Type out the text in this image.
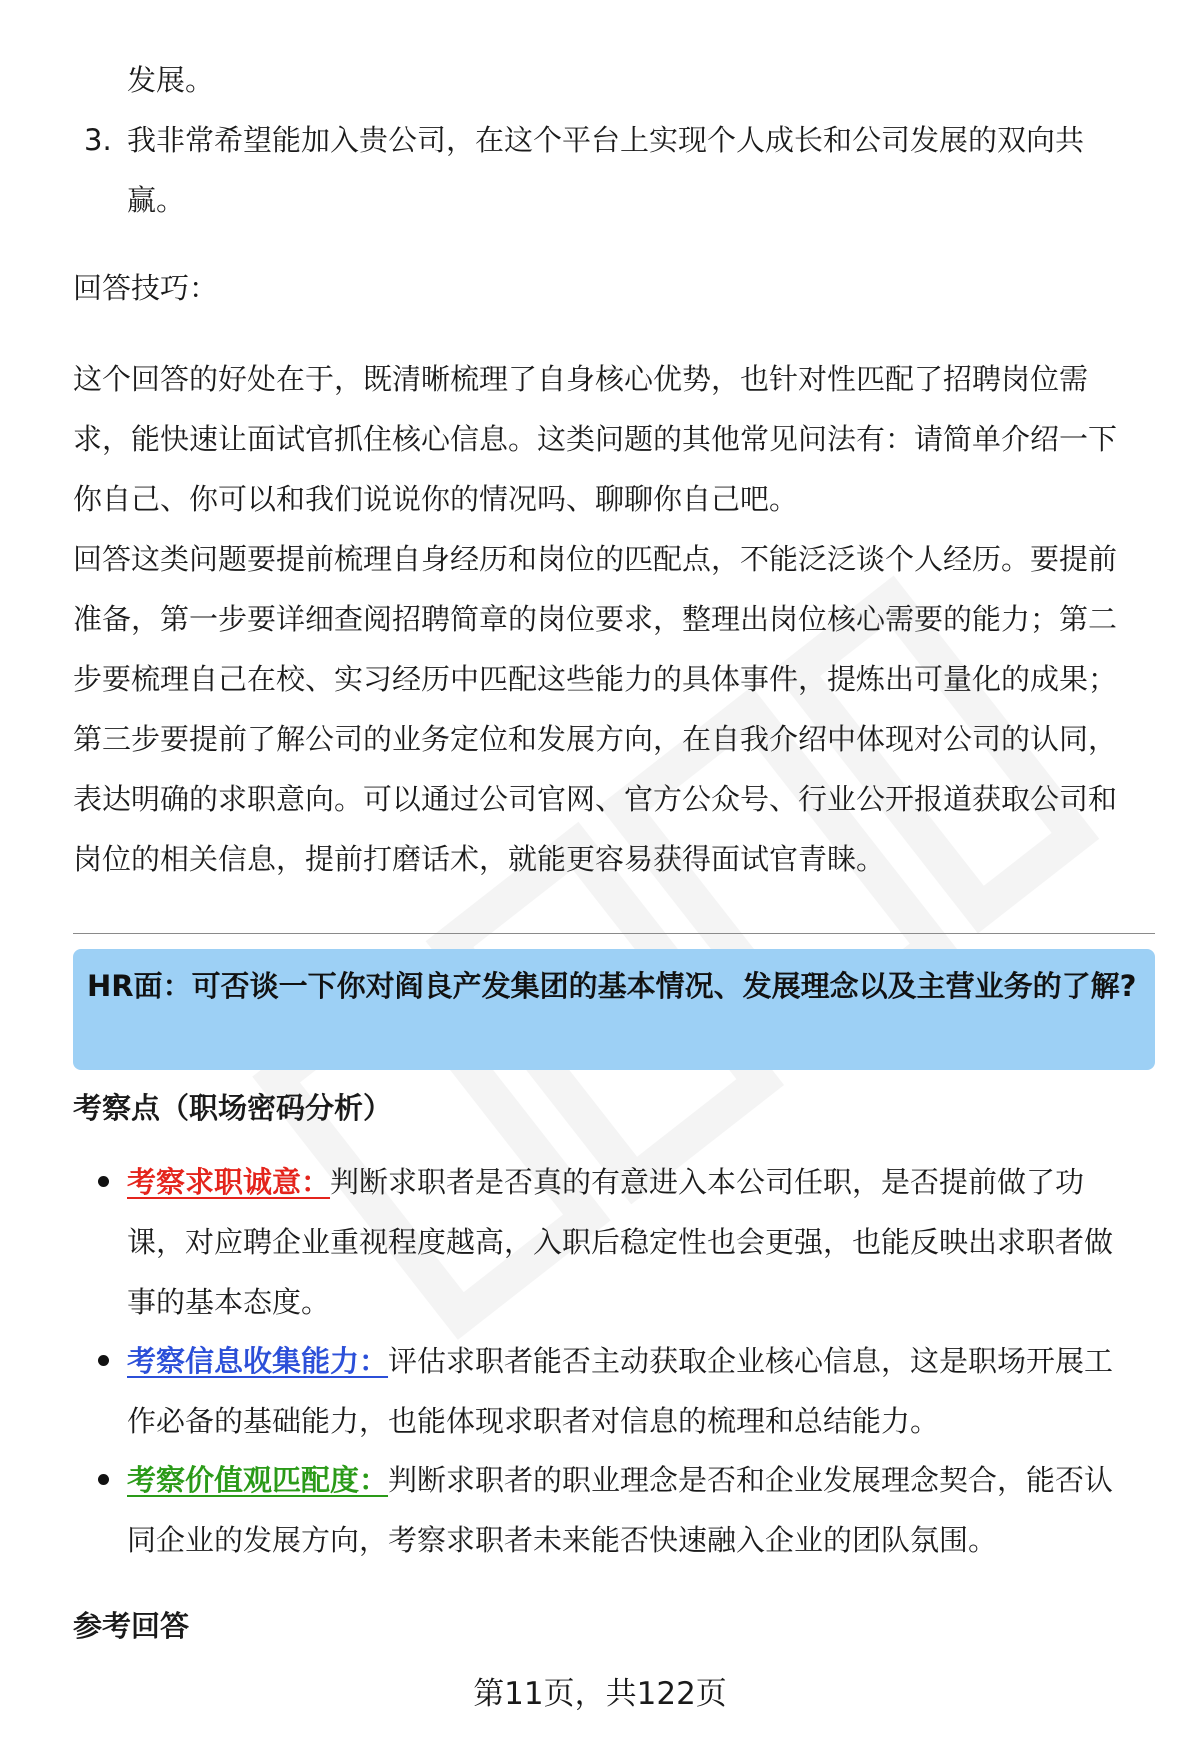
发展。
3. 我非常希望能加入贵公司，在这个平台上实现个人成长和公司发展的双向共
赢。
回答技巧：
这个回答的好处在于，既清晰梳理了自身核心优势，也针对性匹配了招聘岗位需
求，能快速让面试官抓住核心信息。这类问题的其他常见问法有：请简单介绍一下
你自己、你可以和我们说说你的情况吗、聊聊你自己吧。
回答这类问题要提前梳理自身经历和岗位的匹配点，不能泛泛谈个人经历。要提前
准备，第一步要详细查阅招聘简章的岗位要求，整理出岗位核心需要的能力；第二
步要梳理自己在校、实习经历中匹配这些能力的具体事件，提炼出可量化的成果；
第三步要提前了解公司的业务定位和发展方向，在自我介绍中体现对公司的认同，
表达明确的求职意向。可以通过公司官网、官方公众号、行业公开报道获取公司和
岗位的相关信息，提前打磨话术，就能更容易获得面试官青睐。
HR面：可否谈一下你对阎良产发集团的基本情况、发展理念以及主营业务的了解?
考察点（职场密码分析）
考察求职诚意：判断求职者是否真的有意进入本公司任职，是否提前做了功
课，对应聘企业重视程度越高，入职后稳定性也会更强，也能反映出求职者做
事的基本态度。
考察信息收集能力：评估求职者能否主动获取企业核心信息，这是职场开展工
作必备的基础能力，也能体现求职者对信息的梳理和总结能力。
考察价值观匹配度：判断求职者的职业理念是否和企业发展理念契合，能否认
同企业的发展方向，考察求职者未来能否快速融入企业的团队氛围。
参考回答
第11页，共122页
